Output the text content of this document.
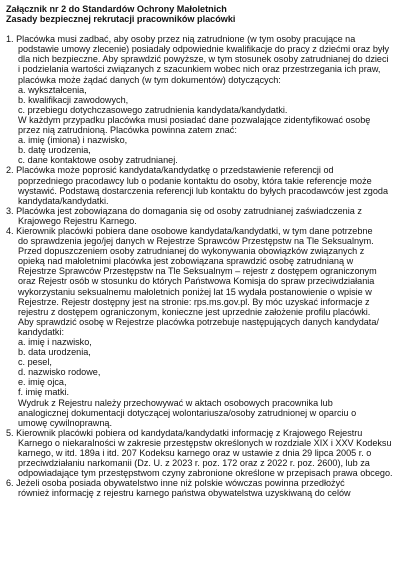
Załącznik nr 2 do Standardów Ochrony Małoletnich
Zasady bezpiecznej rekrutacji pracowników placówki
1. Placówka musi zadbać, aby osoby przez nią zatrudnione (w tym osoby pracujące na
podstawie umowy zlecenie) posiadały odpowiednie kwalifikacje do pracy z dziećmi oraz były
dla nich bezpieczne. Aby sprawdzić powyższe, w tym stosunek osoby zatrudnianej do dzieci
i podzielania wartości związanych z szacunkiem wobec nich oraz przestrzegania ich praw,
placówka może żądać danych (w tym dokumentów) dotyczących:
a. wykształcenia,
b. kwalifikacji zawodowych,
c. przebiegu dotychczasowego zatrudnienia kandydata/kandydatki.
W każdym przypadku placówka musi posiadać dane pozwalające zidentyfikować osobę
przez nią zatrudnioną. Placówka powinna zatem znać:
a. imię (imiona) i nazwisko,
b. datę urodzenia,
c. dane kontaktowe osoby zatrudnianej.
2. Placówka może poprosić kandydata/kandydatkę o przedstawienie referencji od
poprzedniego pracodawcy lub o podanie kontaktu do osoby, która takie referencje może
wystawić. Podstawą dostarczenia referencji lub kontaktu do byłych pracodawców jest zgoda
kandydata/kandydatki.
3. Placówka jest zobowiązana do domagania się od osoby zatrudnianej zaświadczenia z
Krajowego Rejestru Karnego.
4. Kierownik placówki pobiera dane osobowe kandydata/kandydatki, w tym dane potrzebne
do sprawdzenia jego/jej danych w Rejestrze Sprawców Przestępstw na Tle Seksualnym.
Przed dopuszczeniem osoby zatrudnianej do wykonywania obowiązków związanych z
opieką nad małoletnimi placówka jest zobowiązana sprawdzić osobę zatrudnianą w
Rejestrze Sprawców Przestępstw na Tle Seksualnym – rejestr z dostępem ograniczonym
oraz Rejestr osób w stosunku do których Państwowa Komisja do spraw przeciwdziałania
wykorzystaniu seksualnemu małoletnich poniżej lat 15 wydała postanowienie o wpisie w
Rejestrze. Rejestr dostępny jest na stronie: rps.ms.gov.pl. By móc uzyskać informacje z
rejestru z dostępem ograniczonym, konieczne jest uprzednie założenie profilu placówki.
Aby sprawdzić osobę w Rejestrze placówka potrzebuje następujących danych kandydata/
kandydatki:
a. imię i nazwisko,
b. data urodzenia,
c. pesel,
d. nazwisko rodowe,
e. imię ojca,
f. imię matki.
Wydruk z Rejestru należy przechowywać w aktach osobowych pracownika lub
analogicznej dokumentacji dotyczącej wolontariusza/osoby zatrudnionej w oparciu o
umowę cywilnoprawną.
5. Kierownik placówki pobiera od kandydata/kandydatki informację z Krajowego Rejestru
Karnego o niekaralności w zakresie przestępstw określonych w rozdziale XIX i XXV Kodeksu
karnego, w itd. 189a i itd. 207 Kodeksu karnego oraz w ustawie z dnia 29 lipca 2005 r. o
przeciwdziałaniu narkomanii (Dz. U. z 2023 r. poz. 172 oraz z 2022 r. poz. 2600), lub za
odpowiadające tym przestępstwom czyny zabronione określone w przepisach prawa obcego.
6. Jeżeli osoba posiada obywatelstwo inne niż polskie wówczas powinna przedłożyć
również informację z rejestru karnego państwa obywatelstwa uzyskiwaną do celów
